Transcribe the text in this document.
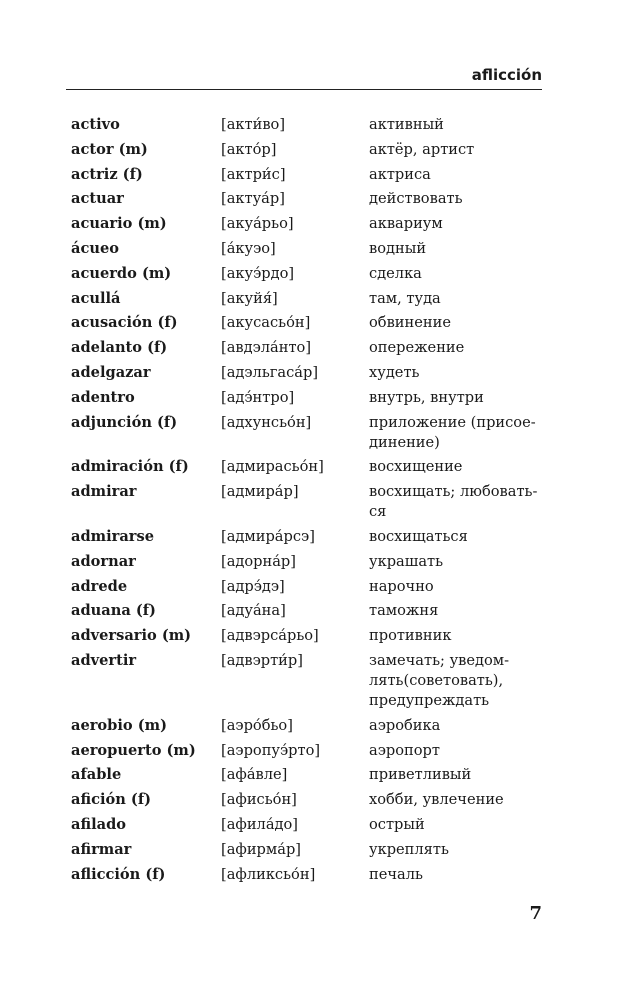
aflicción
activo	[акти́во]	активный
actor (m)	[акто́р]	актёр, артист
actriz (f)	[актри́с]	актриса
actuar	[актуа́р]	действовать
acuario (m)	[акуа́рьо]	аквариум
ácueo	[а́куэо]	водный
acuerdo (m)	[акуэ́рдо]	сделка
acullá	[акуйя́]	там, туда
acusación (f)	[акусасьо́н]	обвинение
adelanto (f)	[авдэла́нто]	опережение
adelgazar	[адэльгаса́р]	худеть
adentro	[адэ́нтро]	внутрь, внутри
adjunción (f)	[адхунсьо́н]	приложение (присое-
динение)
admiración (f)	[адмирасьо́н]	восхищение
admirar	[адмира́р]	восхищать; любовать-
ся
admirarse	[адмира́рсэ]	восхищаться
adornar	[адорна́р]	украшать
adrede	[адрэ́дэ]	нарочно
aduana (f)	[адуа́на]	таможня
adversario (m)	[адвэрса́рьо]	противник
advertir	[адвэрти́р]	замечать; уведом-
лять(советовать),
предупреждать
aerobio (m)	[аэро́бьо]	аэробика
aeropuerto (m)	[аэропуэ́рто]	аэропорт
afable	[афа́вле]	приветливый
afición (f)	[афисьо́н]	хобби, увлечение
afilado	[афила́до]	острый
afirmar	[афирма́р]	укреплять
aflicción (f)	[афликсьо́н]	печаль
7
